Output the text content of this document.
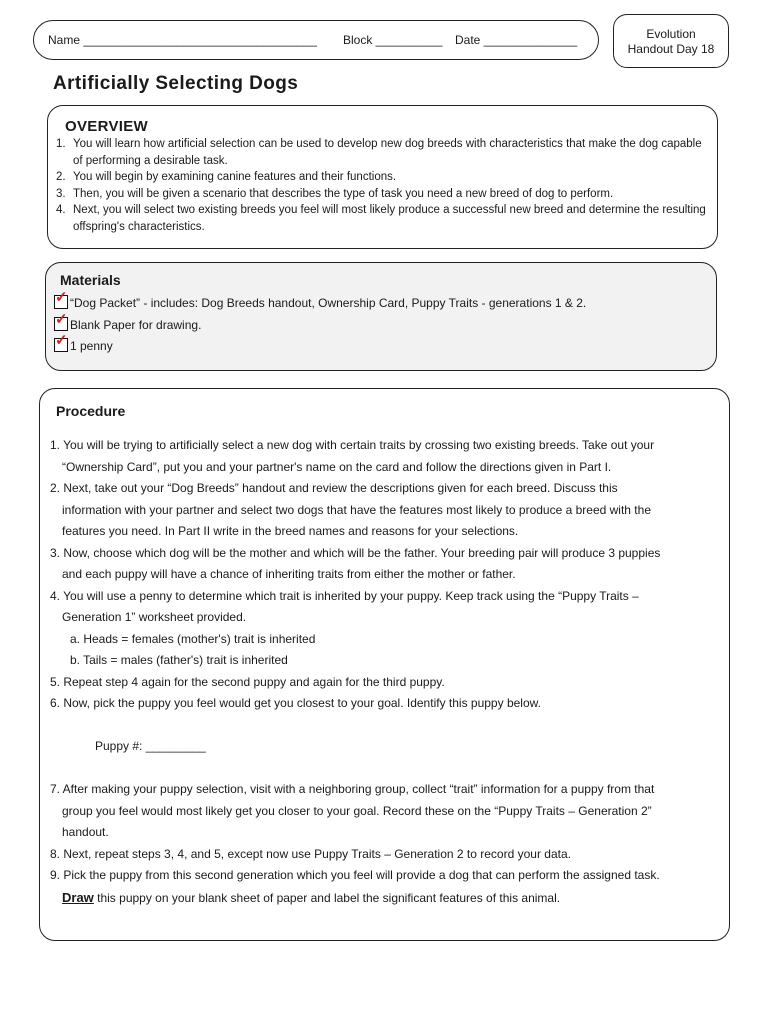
Name ___________________________________ Block __________ Date ______________	Evolution
Handout Day 18
Artificially Selecting Dogs
OVERVIEW
1. You will learn how artificial selection can be used to develop new dog breeds with characteristics that make the dog capable of performing a desirable task.
2. You will begin by examining canine features and their functions.
3. Then, you will be given a scenario that describes the type of task you need a new breed of dog to perform.
4. Next, you will select two existing breeds you feel will most likely produce a successful new breed and determine the resulting offspring's characteristics.
Materials
✓ “Dog Packet” - includes: Dog Breeds handout, Ownership Card, Puppy Traits - generations 1 & 2.
✓ Blank Paper for drawing.
✓ 1 penny
Procedure
1. You will be trying to artificially select a new dog with certain traits by crossing two existing breeds. Take out your
“Ownership Card”, put you and your partner's name on the card and follow the directions given in Part I.
2. Next, take out your “Dog Breeds” handout and review the descriptions given for each breed. Discuss this
information with your partner and select two dogs that have the features most likely to produce a breed with the
features you need. In Part II write in the breed names and reasons for your selections.
3. Now, choose which dog will be the mother and which will be the father. Your breeding pair will produce 3 puppies
and each puppy will have a chance of inheriting traits from either the mother or father.
4. You will use a penny to determine which trait is inherited by your puppy. Keep track using the “Puppy Traits –
Generation 1” worksheet provided.
a. Heads = females (mother's) trait is inherited
b. Tails = males (father's) trait is inherited
5. Repeat step 4 again for the second puppy and again for the third puppy.
6. Now, pick the puppy you feel would get you closest to your goal. Identify this puppy below.
Puppy #: _________
7. After making your puppy selection, visit with a neighboring group, collect “trait” information for a puppy from that
group you feel would most likely get you closer to your goal. Record these on the “Puppy Traits – Generation 2”
handout.
8. Next, repeat steps 3, 4, and 5, except now use Puppy Traits – Generation 2 to record your data.
9. Pick the puppy from this second generation which you feel will provide a dog that can perform the assigned task.
Draw this puppy on your blank sheet of paper and label the significant features of this animal.
